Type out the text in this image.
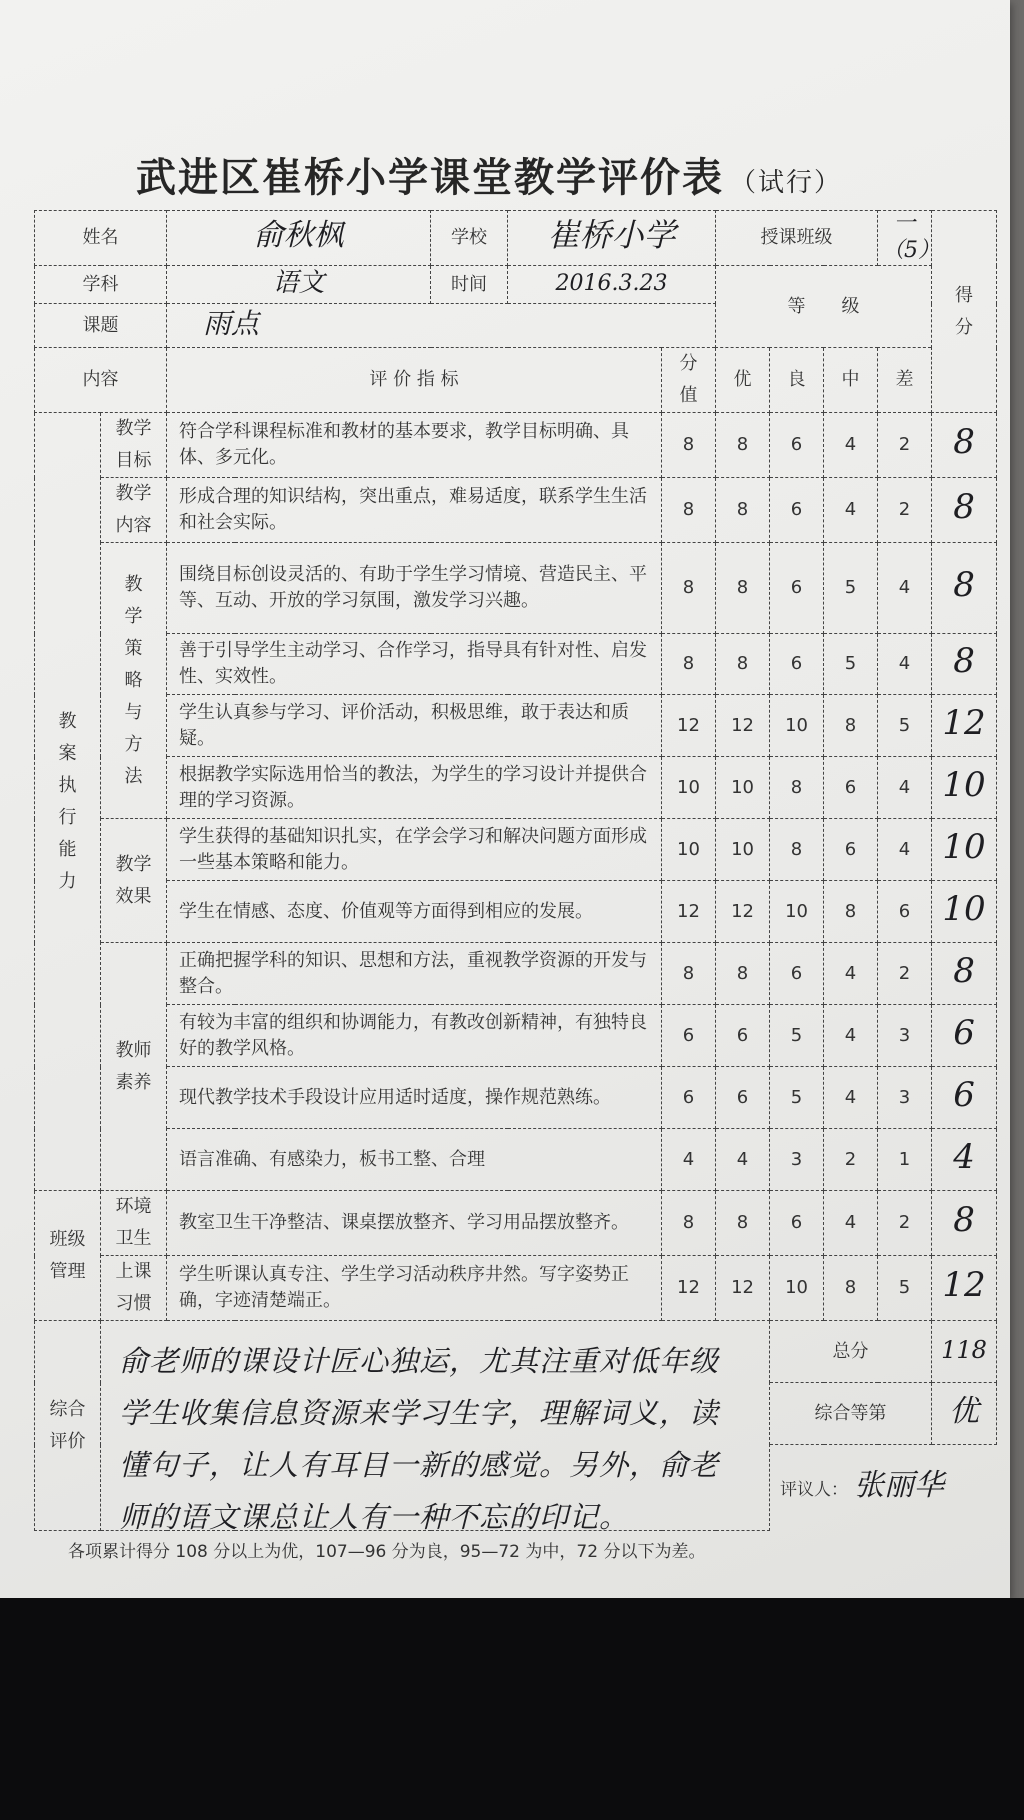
武进区崔桥小学课堂教学评价表 （试行）
姓名		俞秋枫	学校	崔桥小学		授课班级			一（5）	得分
学科		语文	时间	2016.3.23		等　　级				
课题		雨点								
内容		评 价 指 标			分值	优	良	中	差	
教案执行能力	教学目标	符合学科课程标准和教材的基本要求，教学目标明确、具体、多元化。			8	8	6	4	2	8
	教学内容	形成合理的知识结构，突出重点，难易适度，联系学生生活和社会实际。			8	8	6	4	2	8
	教学策略与方法	围绕目标创设灵活的、有助于学生学习情境、营造民主、平等、互动、开放的学习氛围，激发学习兴趣。			8	8	6	5	4	8
		善于引导学生主动学习、合作学习，指导具有针对性、启发性、实效性。			8	8	6	5	4	8
		学生认真参与学习、评价活动，积极思维，敢于表达和质疑。			12	12	10	8	5	12
		根据教学实际选用恰当的教法，为学生的学习设计并提供合理的学习资源。			10	10	8	6	4	10
	教学效果	学生获得的基础知识扎实，在学会学习和解决问题方面形成一些基本策略和能力。			10	10	8	6	4	10
		学生在情感、态度、价值观等方面得到相应的发展。			12	12	10	8	6	10
	教师素养	正确把握学科的知识、思想和方法，重视教学资源的开发与整合。			8	8	6	4	2	8
		有较为丰富的组织和协调能力，有教改创新精神，有独特良好的教学风格。			6	6	5	4	3	6
		现代教学技术手段设计应用适时适度，操作规范熟练。			6	6	5	4	3	6
		语言准确、有感染力，板书工整、合理			4	4	3	2	1	4
班级管理	环境卫生	教室卫生干净整洁、课桌摆放整齐、学习用品摆放整齐。			8	8	6	4	2	8
	上课习惯	学生听课认真专注、学生学习活动秩序井然。写字姿势正确，字迹清楚端正。			12	12	10	8	5	12
综合评价	俞老师的课设计匠心独运，尤其注重对低年级学生收集信息资源来学习生字，理解词义，读懂句子，让人有耳目一新的感觉。另外，俞老师的语文课总让人有一种不忘的印记。						总分			118
							综合等第			优
							评议人： 张丽华			
各项累计得分 108 分以上为优，107—96 分为良，95—72 为中，72 分以下为差。
